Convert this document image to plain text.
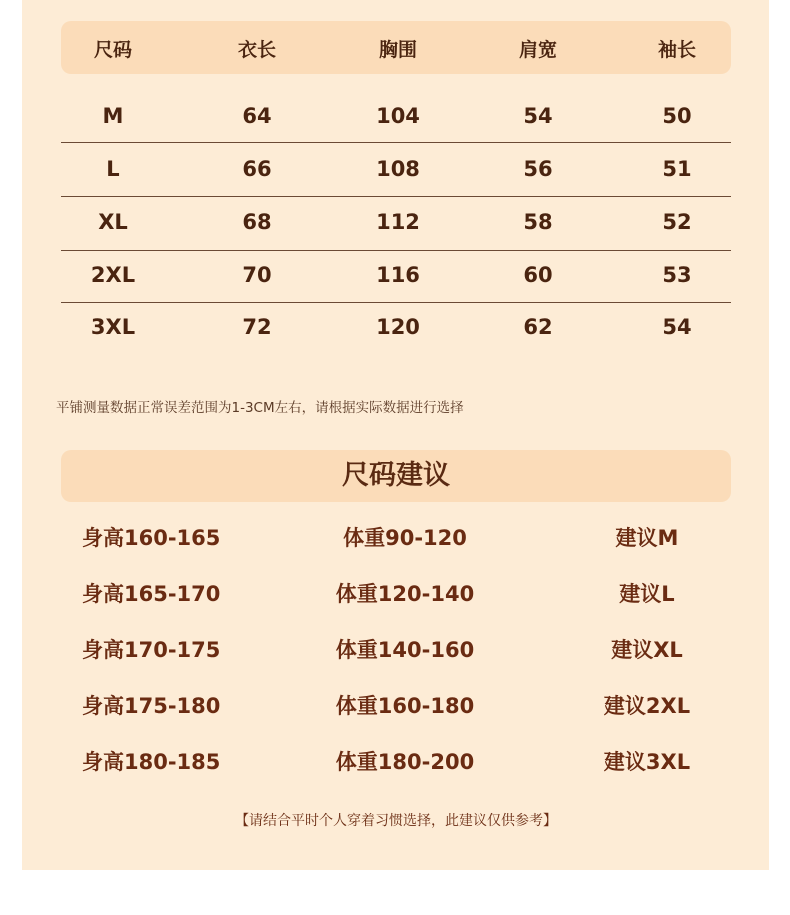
尺码	衣长	胸围	肩宽	袖长
M	64	104	54	50
L	66	108	56	51
XL	68	112	58	52
2XL	70	116	60	53
3XL	72	120	62	54
平铺测量数据正常误差范围为1-3CM左右，请根据实际数据进行选择
尺码建议
身高160-165	体重90-120	建议M
身高165-170	体重120-140	建议L
身高170-175	体重140-160	建议XL
身高175-180	体重160-180	建议2XL
身高180-185	体重180-200	建议3XL
【请结合平时个人穿着习惯选择，此建议仅供参考】
